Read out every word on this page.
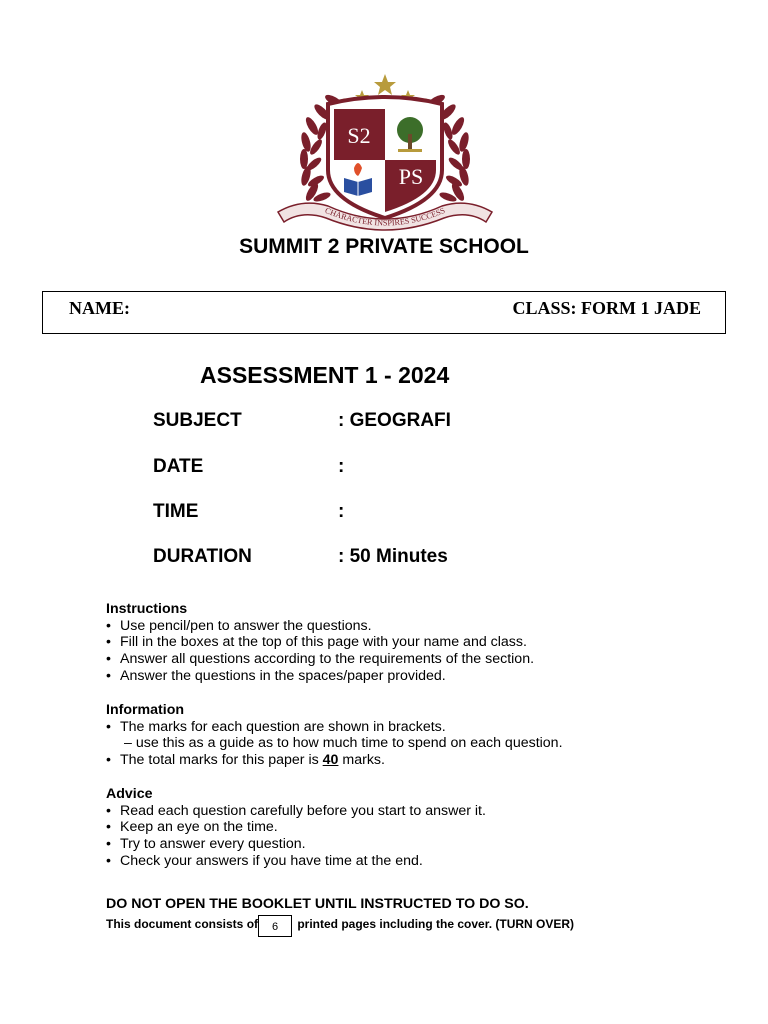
S2
PS
CHARACTER INSPIRES SUCCESS
SUMMIT 2 PRIVATE SCHOOL
NAME:	CLASS: FORM 1 JADE
ASSESSMENT 1 - 2024
SUBJECT	: GEOGRAFI
DATE	:
TIME	:
DURATION	: 50 Minutes
Instructions
• Use pencil/pen to answer the questions.
• Fill in the boxes at the top of this page with your name and class.
• Answer all questions according to the requirements of the section.
• Answer the questions in the spaces/paper provided.
Information
• The marks for each question are shown in brackets.
– use this as a guide as to how much time to spend on each question.
• The total marks for this paper is 40 marks.
Advice
• Read each question carefully before you start to answer it.
• Keep an eye on the time.
• Try to answer every question.
• Check your answers if you have time at the end.
DO NOT OPEN THE BOOKLET UNTIL INSTRUCTED TO DO SO.
This document consists of 6 printed pages including the cover. (TURN OVER)
